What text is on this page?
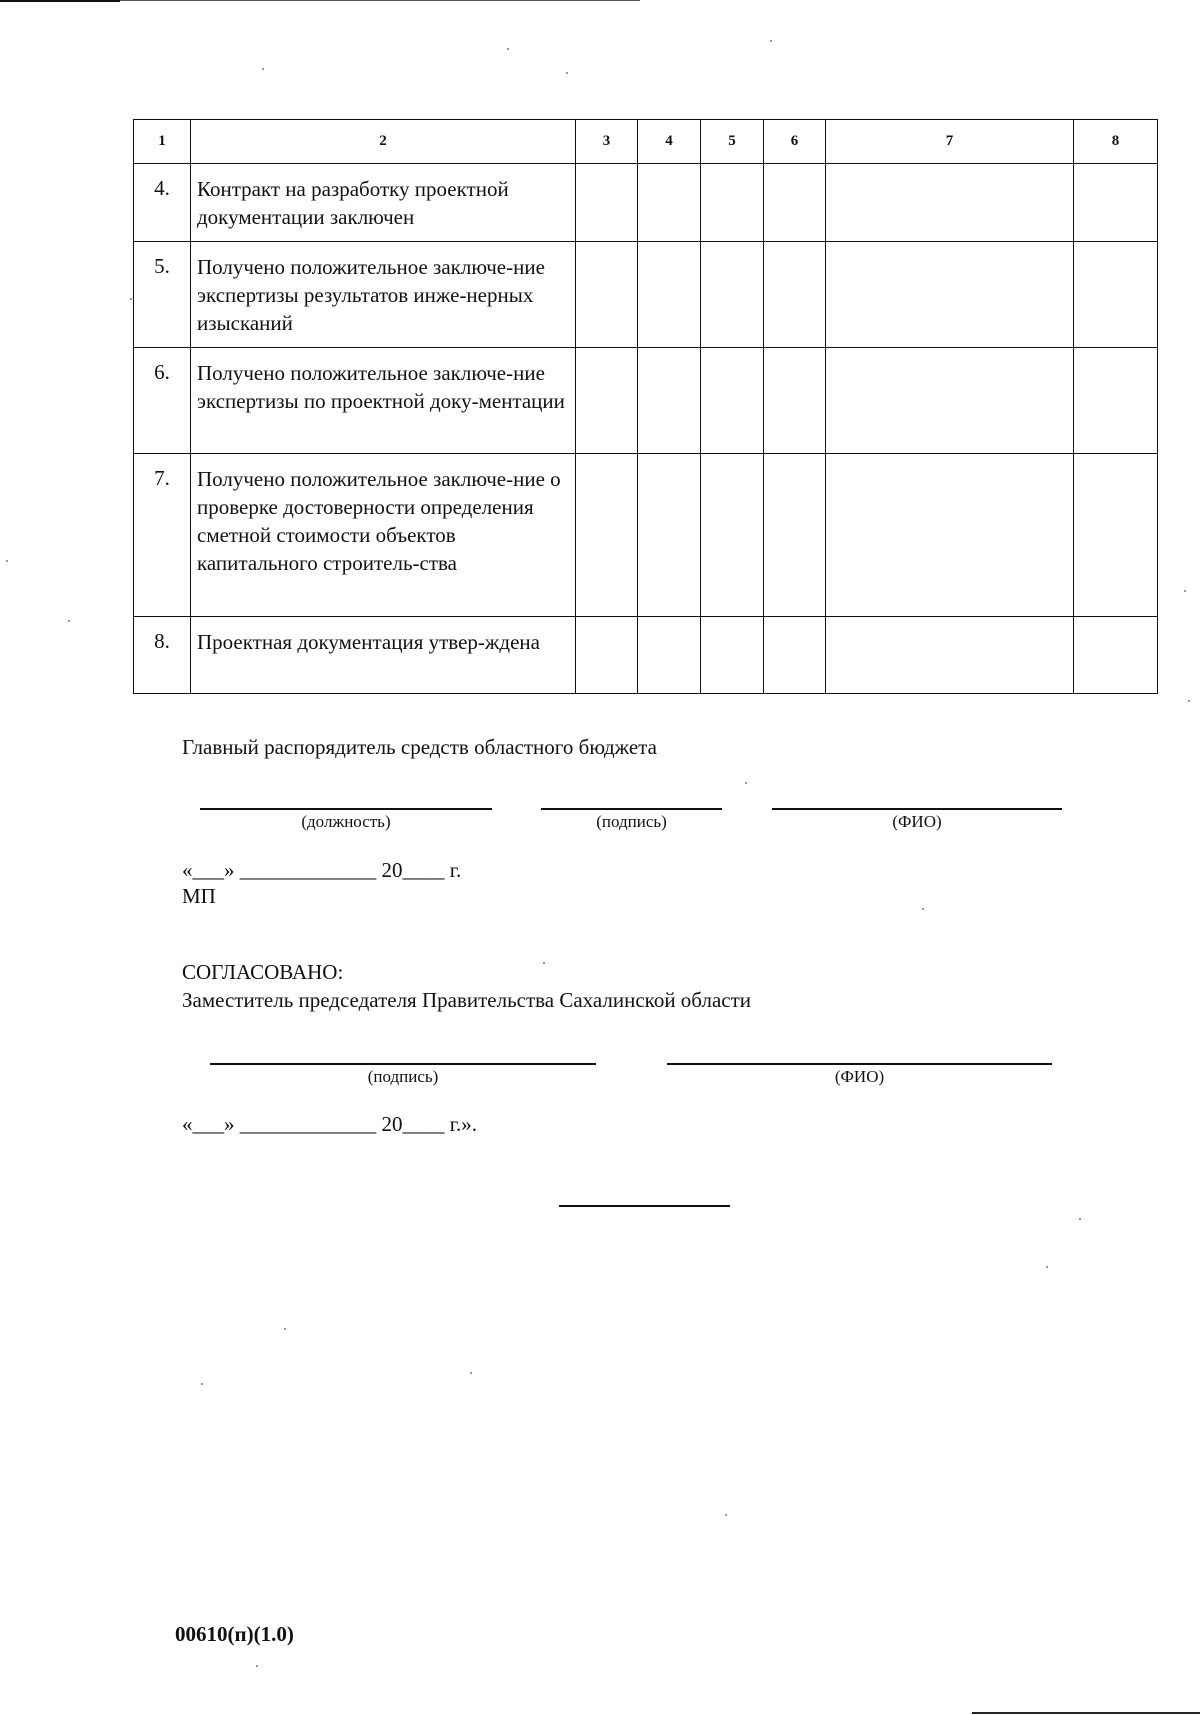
1	2	3	4	5	6	7	8
4.	Контракт на разработку проектной документации заключен						
5.	Получено положительное заключе-ние экспертизы результатов инже-нерных изысканий						
6.	Получено положительное заключе-ние экспертизы по проектной доку-ментации						
7.	Получено положительное заключе-ние о проверке достоверности определения сметной стоимости объектов капитального строитель-ства						
8.	Проектная документация утвер-ждена						
Главный распорядитель средств областного бюджета
(должность)	(подпись)	(ФИО)
«___» _____________ 20____ г.
МП
СОГЛАСОВАНО:
Заместитель председателя Правительства Сахалинской области
(подпись)	(ФИО)
«___» _____________ 20____ г.».
00610(п)(1.0)
